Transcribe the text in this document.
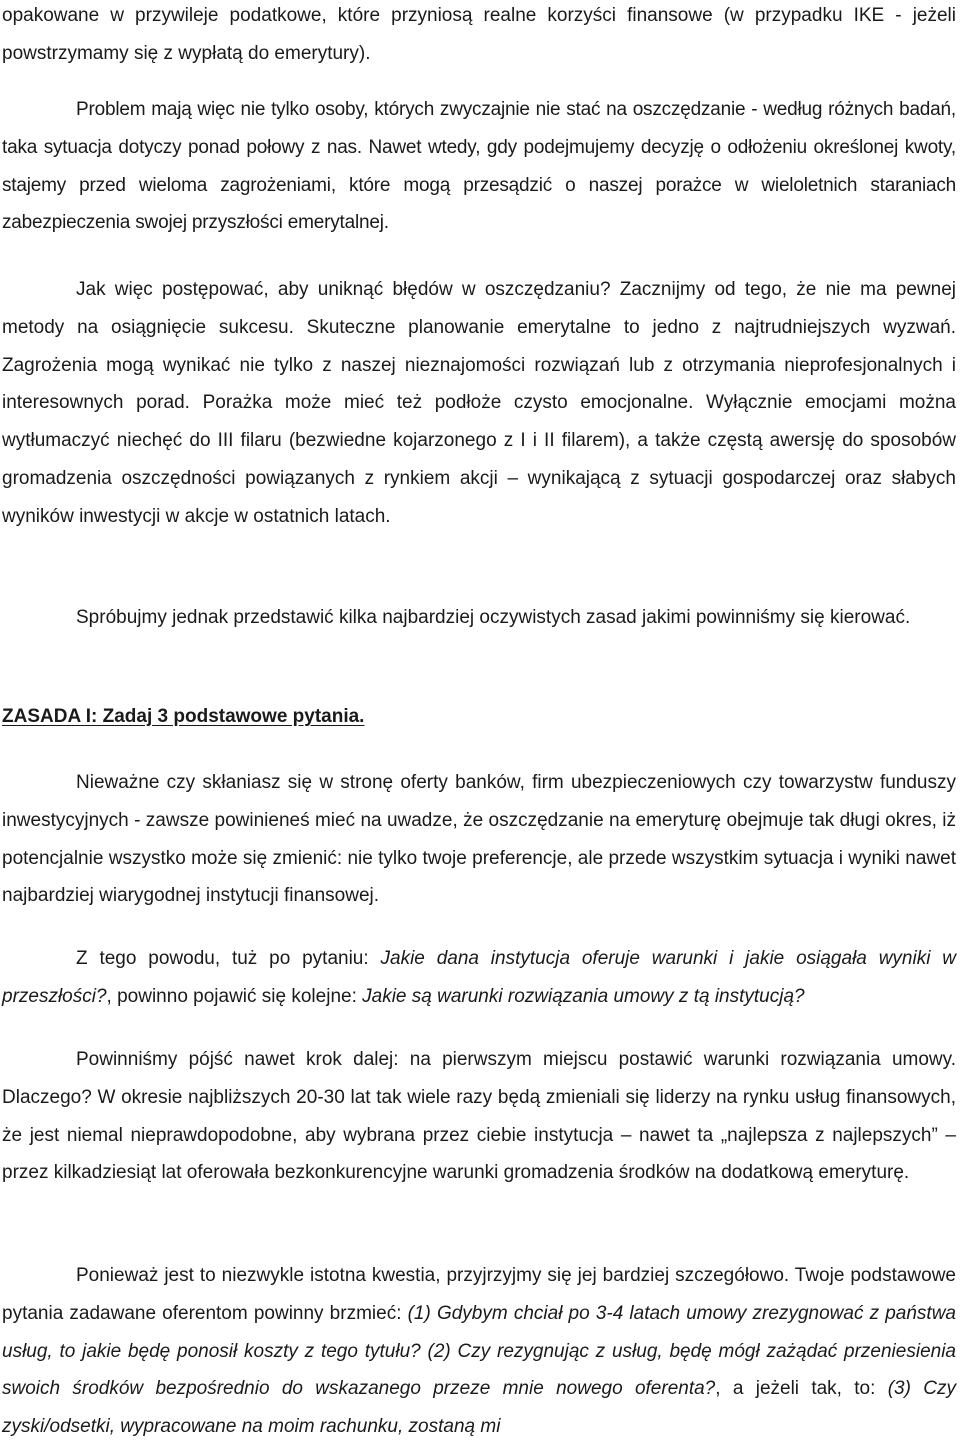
opakowane w przywileje podatkowe, które przyniosą realne korzyści finansowe (w przypadku IKE - jeżeli powstrzymamy się z wypłatą do emerytury).

Problem mają więc nie tylko osoby, których zwyczajnie nie stać na oszczędzanie - według różnych badań, taka sytuacja dotyczy ponad połowy z nas. Nawet wtedy, gdy podejmujemy decyzję o odłożeniu określonej kwoty, stajemy przed wieloma zagrożeniami, które mogą przesądzić o naszej porażce w wieloletnich staraniach zabezpieczenia swojej przyszłości emerytalnej.

Jak więc postępować, aby uniknąć błędów w oszczędzaniu? Zacznijmy od tego, że nie ma pewnej metody na osiągnięcie sukcesu. Skuteczne planowanie emerytalne to jedno z najtrudniejszych wyzwań. Zagrożenia mogą wynikać nie tylko z naszej nieznajomości rozwiązań lub z otrzymania nieprofesjonalnych i interesownych porad. Porażka może mieć też podłoże czysto emocjonalne. Wyłącznie emocjami można wytłumaczyć niechęć do III filaru (bezwiedne kojarzonego z I i II filarem), a także częstą awersję do sposobów gromadzenia oszczędności powiązanych z rynkiem akcji – wynikającą z sytuacji gospodarczej oraz słabych wyników inwestycji w akcje w ostatnich latach.

Spróbujmy jednak przedstawić kilka najbardziej oczywistych zasad jakimi powinniśmy się kierować.

ZASADA I: Zadaj 3 podstawowe pytania.

Nieważne czy skłaniasz się w stronę oferty banków, firm ubezpieczeniowych czy towarzystw funduszy inwestycyjnych - zawsze powinieneś mieć na uwadze, że oszczędzanie na emeryturę obejmuje tak długi okres, iż potencjalnie wszystko może się zmienić: nie tylko twoje preferencje, ale przede wszystkim sytuacja i wyniki nawet najbardziej wiarygodnej instytucji finansowej.

Z tego powodu, tuż po pytaniu: Jakie dana instytucja oferuje warunki i jakie osiągała wyniki w przeszłości?, powinno pojawić się kolejne: Jakie są warunki rozwiązania umowy z tą instytucją?

Powinniśmy pójść nawet krok dalej: na pierwszym miejscu postawić warunki rozwiązania umowy. Dlaczego? W okresie najbliższych 20-30 lat tak wiele razy będą zmieniali się liderzy na rynku usług finansowych, że jest niemal nieprawdopodobne, aby wybrana przez ciebie instytucja – nawet ta „najlepsza z najlepszych” – przez kilkadziesiąt lat oferowała bezkonkurencyjne warunki gromadzenia środków na dodatkową emeryturę.

Ponieważ jest to niezwykle istotna kwestia, przyjrzyjmy się jej bardziej szczegółowo. Twoje podstawowe pytania zadawane oferentom powinny brzmieć: (1) Gdybym chciał po 3-4 latach umowy zrezygnować z państwa usług, to jakie będę ponosił koszty z tego tytułu? (2) Czy rezygnując z usług, będę mógł zażądać przeniesienia swoich środków bezpośrednio do wskazanego przeze mnie nowego oferenta?, a jeżeli tak, to: (3) Czy zyski/odsetki, wypracowane na moim rachunku, zostaną mi
